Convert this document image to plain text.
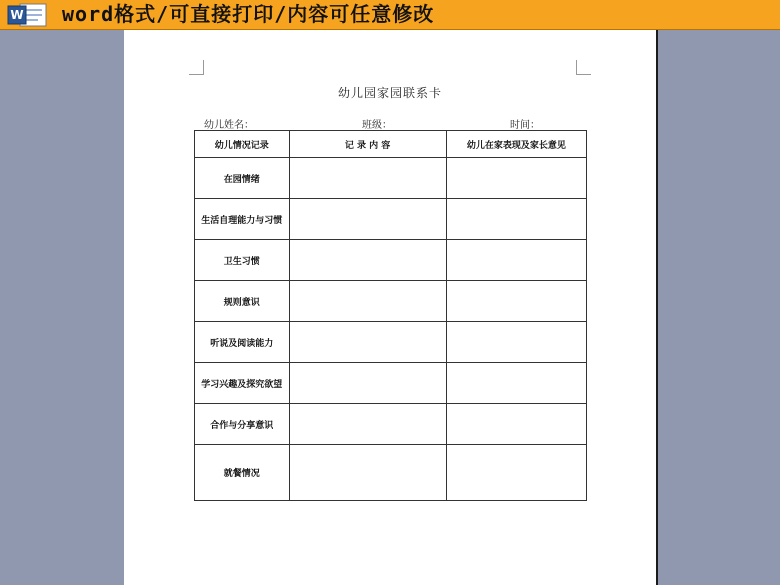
W word格式/可直接打印/内容可任意修改
幼儿园家园联系卡
幼儿姓名：	班级：	时间：
幼儿情况记录	记 录 内 容	幼儿在家表现及家长意见
在园情绪		
生活自理能力与习惯		
卫生习惯		
规则意识		
听说及阅读能力		
学习兴趣及探究欲望		
合作与分享意识		
就餐情况		
